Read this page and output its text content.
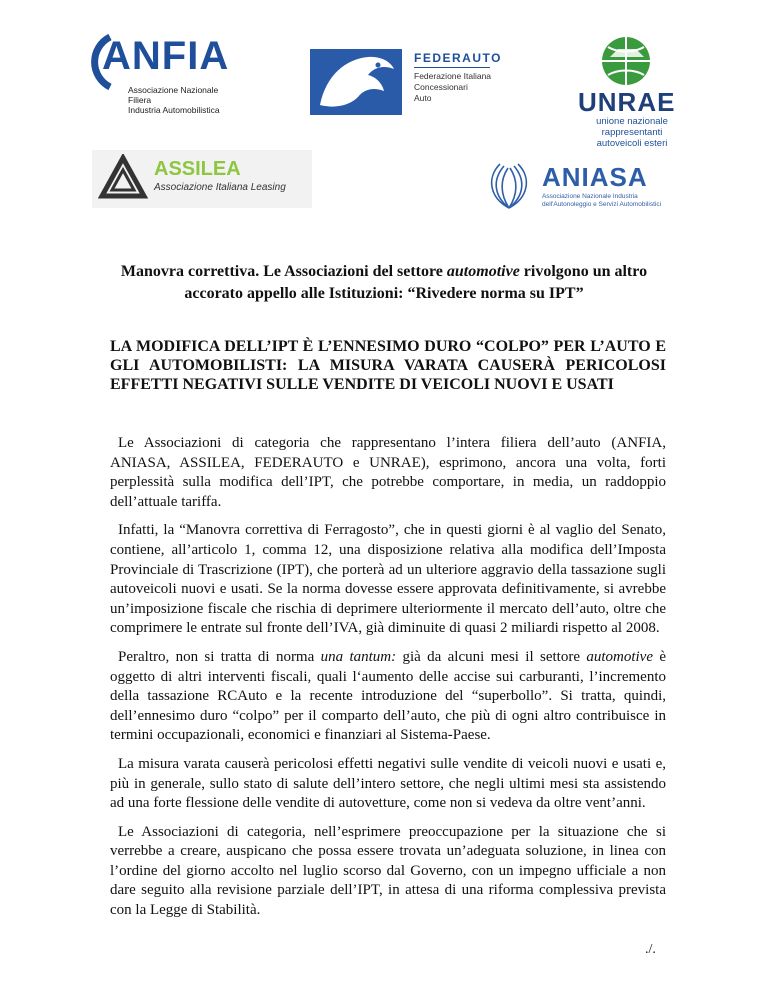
ANFIA
Associazione Nazionale
Filiera
Industria Automobilistica
FEDERAUTO
Federazione Italiana
Concessionari
Auto	UNRAE
unione nazionale
rappresentanti
autoveicoli esteri
ASSILEA
Associazione Italiana Leasing	ANIASA
Associazione Nazionale Industria
dell'Autonoleggio e Servizi Automobilistici

Manovra correttiva. Le Associazioni del settore automotive rivolgono un altro accorato appello alle Istituzioni: “Rivedere norma su IPT”

LA MODIFICA DELL’IPT È L’ENNESIMO DURO “COLPO” PER L’AUTO E GLI AUTOMOBILISTI: LA MISURA VARATA CAUSERÀ PERICOLOSI EFFETTI NEGATIVI SULLE VENDITE DI VEICOLI NUOVI E USATI

Le Associazioni di categoria che rappresentano l’intera filiera dell’auto (ANFIA, ANIASA, ASSILEA, FEDERAUTO e UNRAE), esprimono, ancora una volta, forti perplessità sulla modifica dell’IPT, che potrebbe comportare, in media, un raddoppio dell’attuale tariffa.

Infatti, la “Manovra correttiva di Ferragosto”, che in questi giorni è al vaglio del Senato, contiene, all’articolo 1, comma 12, una disposizione relativa alla modifica dell’Imposta Provinciale di Trascrizione (IPT), che porterà ad un ulteriore aggravio della tassazione sugli autoveicoli nuovi e usati. Se la norma dovesse essere approvata definitivamente, si avrebbe un’imposizione fiscale che rischia di deprimere ulteriormente il mercato dell’auto, oltre che comprimere le entrate sul fronte dell’IVA, già diminuite di quasi 2 miliardi rispetto al 2008.

Peraltro, non si tratta di norma una tantum: già da alcuni mesi il settore automotive è oggetto di altri interventi fiscali, quali l‘aumento delle accise sui carburanti, l’incremento della tassazione RCAuto e la recente introduzione del “superbollo”. Si tratta, quindi, dell’ennesimo duro “colpo” per il comparto dell’auto, che più di ogni altro contribuisce in termini occupazionali, economici e finanziari al Sistema-Paese.

La misura varata causerà pericolosi effetti negativi sulle vendite di veicoli nuovi e usati e, più in generale, sullo stato di salute dell’intero settore, che negli ultimi mesi sta assistendo ad una forte flessione delle vendite di autovetture, come non si vedeva da oltre vent’anni.

Le Associazioni di categoria, nell’esprimere preoccupazione per la situazione che si verrebbe a creare, auspicano che possa essere trovata un’adeguata soluzione, in linea con l’ordine del giorno accolto nel luglio scorso dal Governo, con un impegno ufficiale a non dare seguito alla revisione parziale dell’IPT, in attesa di una riforma complessiva prevista con la Legge di Stabilità.

./.
